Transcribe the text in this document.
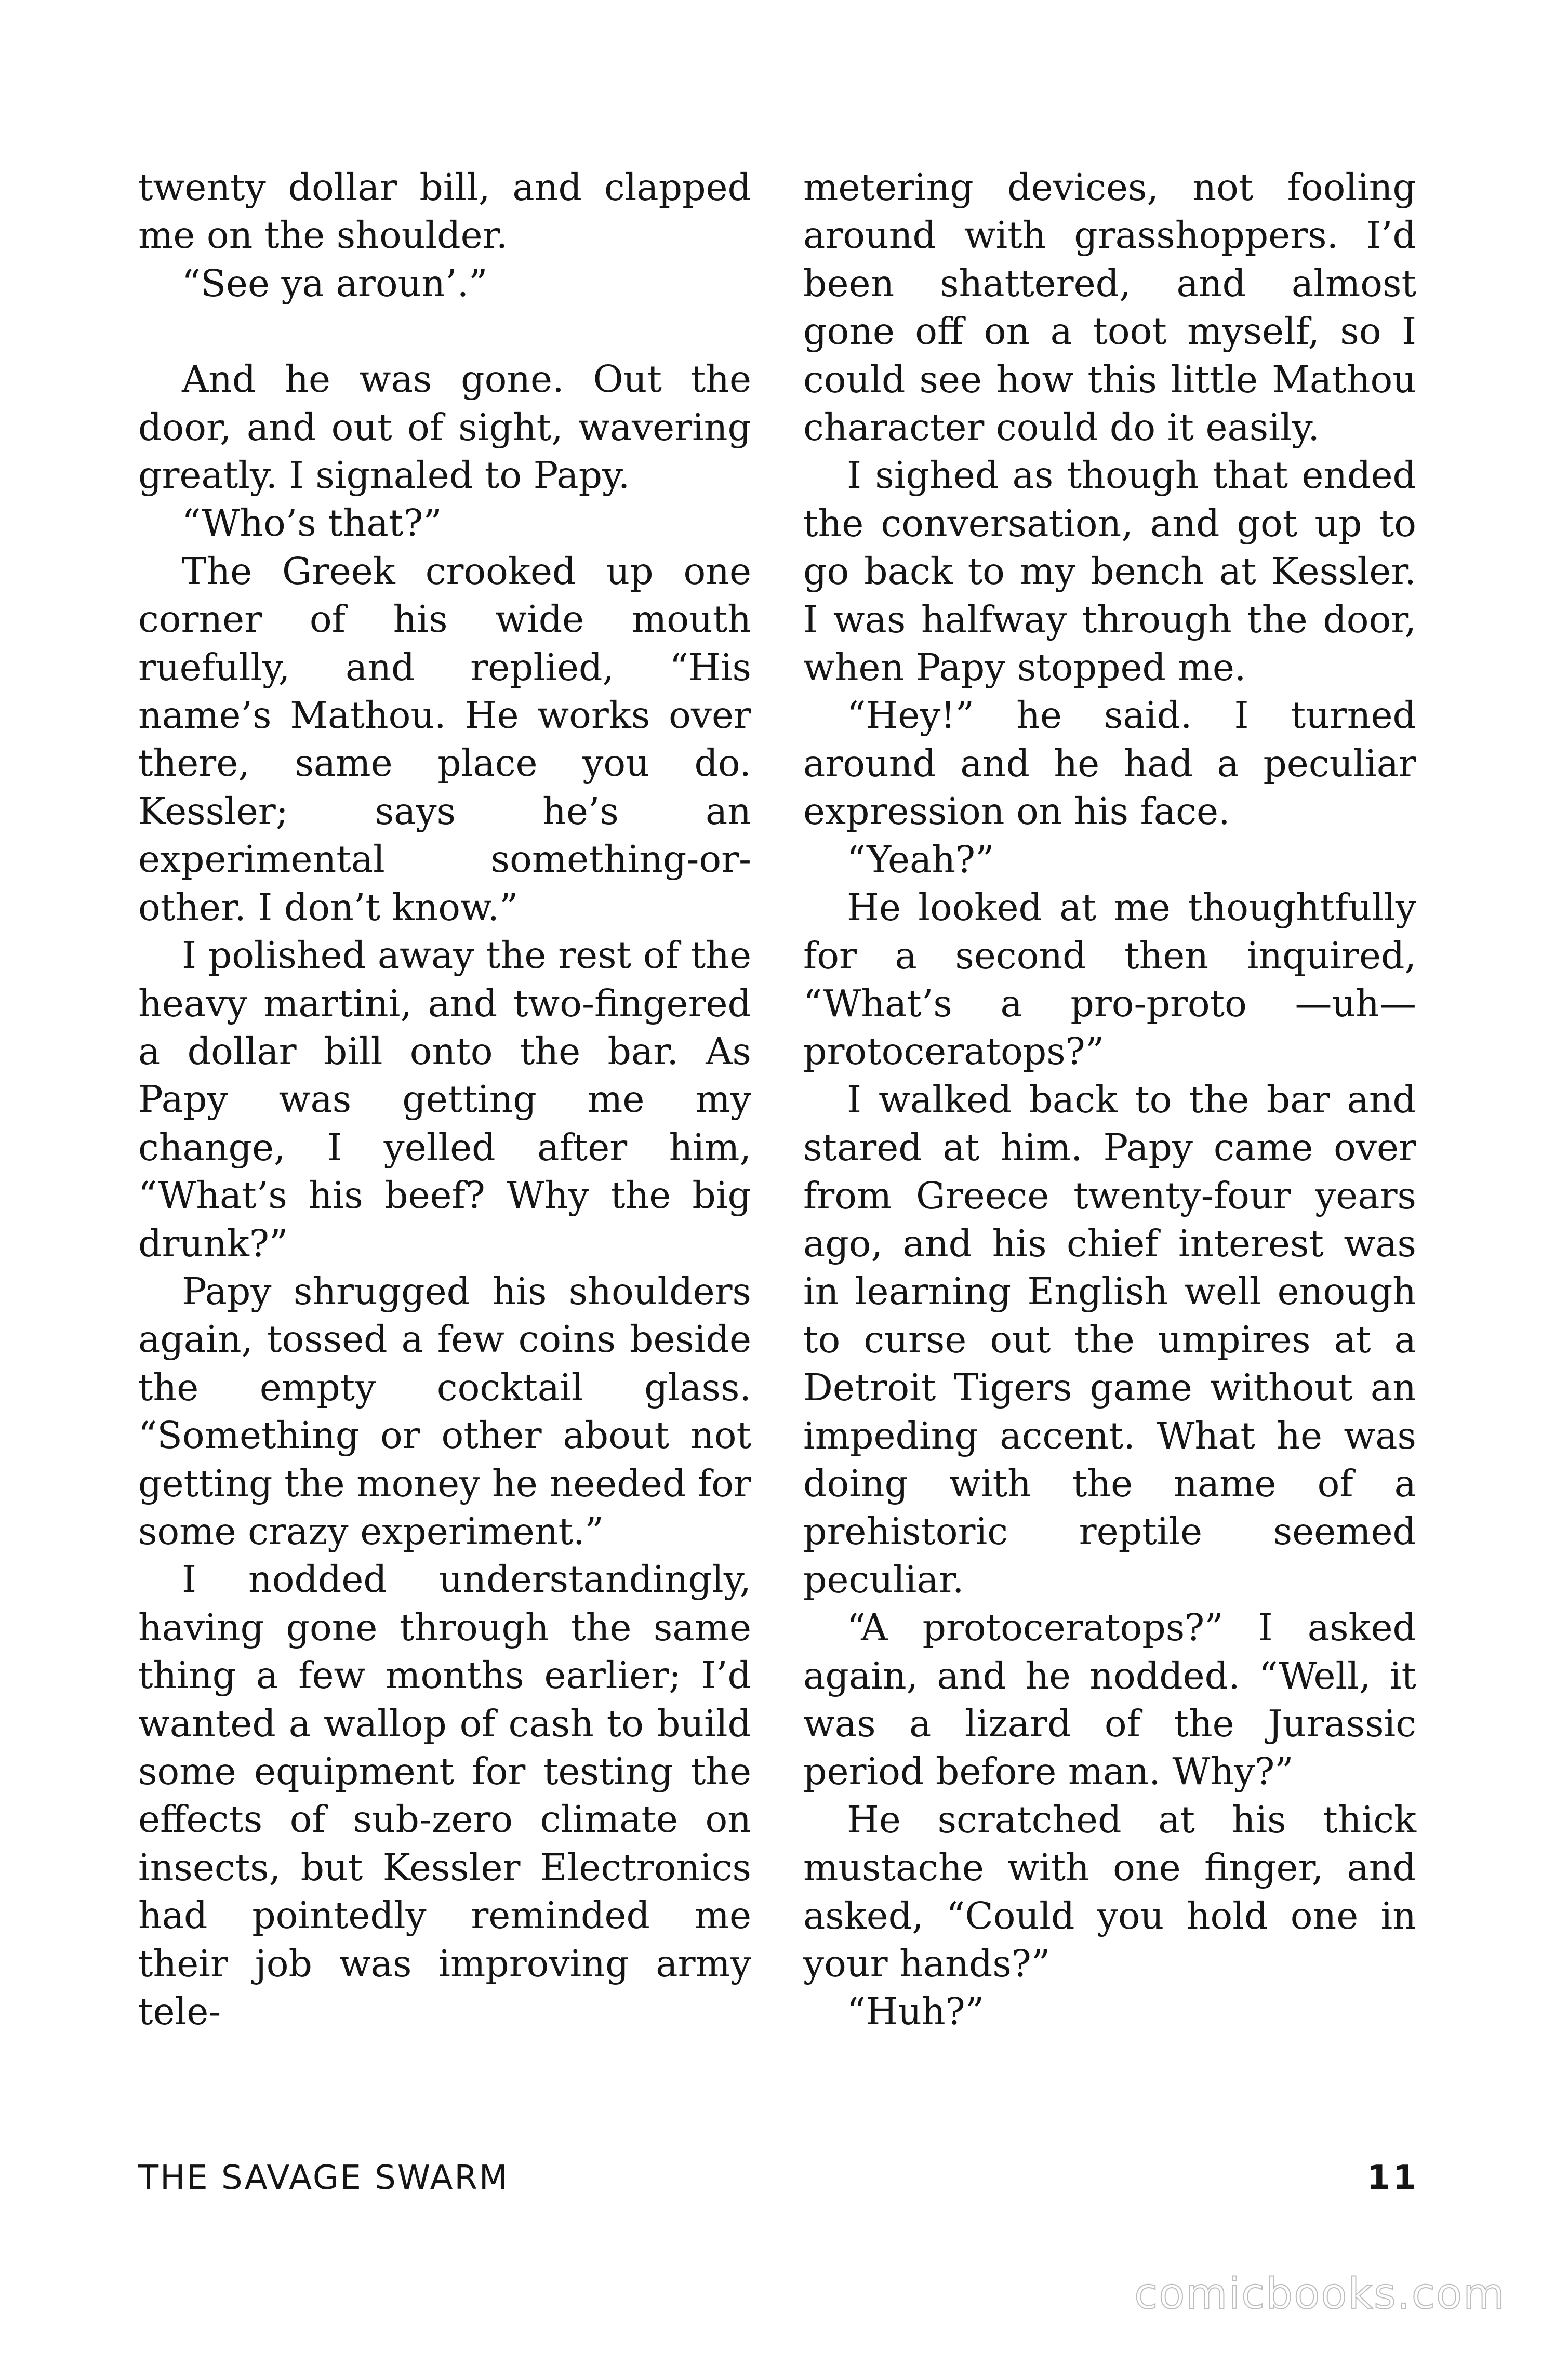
twenty dollar bill, and clapped me on the shoulder.

“See ya aroun’.”

And he was gone. Out the door, and out of sight, wavering greatly. I signaled to Papy.

“Who’s that?”

The Greek crooked up one corner of his wide mouth ruefully, and replied, “His name’s Mathou. He works over there, same place you do. Kessler; says he’s an experimental something-or-other. I don’t know.”

I polished away the rest of the heavy martini, and two-fingered a dollar bill onto the bar. As Papy was getting me my change, I yelled after him, “What’s his beef? Why the big drunk?”

Papy shrugged his shoulders again, tossed a few coins beside the empty cocktail glass. “Something or other about not getting the money he needed for some crazy experiment.”

I nodded understandingly, having gone through the same thing a few months earlier; I’d wanted a wallop of cash to build some equipment for testing the effects of sub-zero climate on insects, but Kessler Electronics had pointedly reminded me their job was improving army tele-

metering devices, not fooling around with grasshoppers. I’d been shattered, and almost gone off on a toot myself, so I could see how this little Mathou character could do it easily.

I sighed as though that ended the conversation, and got up to go back to my bench at Kessler. I was halfway through the door, when Papy stopped me.

“Hey!” he said. I turned around and he had a peculiar expression on his face.

“Yeah?”

He looked at me thoughtfully for a second then inquired, “What’s a pro-proto —uh—protoceratops?”

I walked back to the bar and stared at him. Papy came over from Greece twenty-four years ago, and his chief interest was in learning English well enough to curse out the umpires at a Detroit Tigers game without an impeding accent. What he was doing with the name of a prehistoric reptile seemed peculiar.

“A protoceratops?” I asked again, and he nodded. “Well, it was a lizard of the Jurassic period before man. Why?”

He scratched at his thick mustache with one finger, and asked, “Could you hold one in your hands?”

“Huh?”

THE SAVAGE SWARM	11
comicbooks.com
